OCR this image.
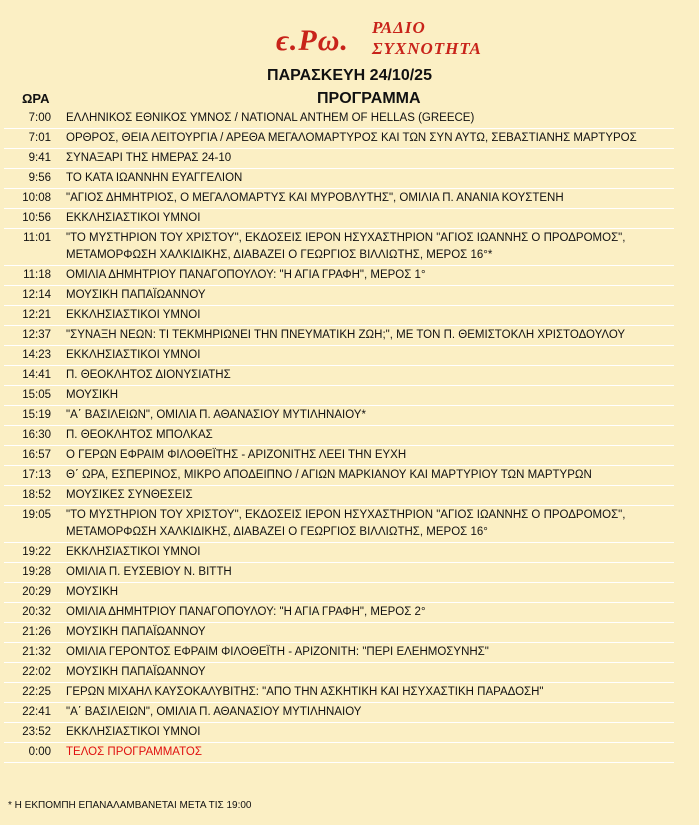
ϵ.Ρω. ΡΑΔΙΟ
ΣΥΧΝΟΤΗΤΑ
ΠΑΡΑΣΚΕΥΗ 24/10/25
ΠΡΟΓΡΑΜΜΑ
ΩΡΑ
7:00 ΕΛΛΗΝΙΚΟΣ ΕΘΝΙΚΟΣ ΥΜΝΟΣ / NATIONAL ANTHEM OF HELLAS (GREECE)
7:01 ΟΡΘΡΟΣ, ΘΕΙΑ ΛΕΙΤΟΥΡΓΙΑ / ΑΡΕΘΑ ΜΕΓΑΛΟΜΑΡΤΥΡΟΣ ΚΑΙ ΤΩΝ ΣΥΝ ΑΥΤΩ, ΣΕΒΑΣΤΙΑΝΗΣ ΜΑΡΤΥΡΟΣ
9:41 ΣΥΝΑΞΑΡΙ ΤΗΣ ΗΜΕΡΑΣ 24-10
9:56 ΤΟ ΚΑΤΑ ΙΩΑΝΝΗΝ ΕΥΑΓΓΕΛΙΟΝ
10:08 "ΑΓΙΟΣ ΔΗΜΗΤΡΙΟΣ, Ο ΜΕΓΑΛΟΜΑΡΤΥΣ ΚΑΙ ΜΥΡΟΒΛΥΤΗΣ", ΟΜΙΛΙΑ Π. ΑΝΑΝΙΑ ΚΟΥΣΤΕΝΗ
10:56 ΕΚΚΛΗΣΙΑΣΤΙΚΟΙ ΥΜΝΟΙ
11:01 "ΤΟ ΜΥΣΤΗΡΙΟΝ ΤΟΥ ΧΡΙΣΤΟΥ", ΕΚΔΟΣΕΙΣ ΙΕΡΟΝ ΗΣΥΧΑΣΤΗΡΙΟΝ "ΑΓΙΟΣ ΙΩΑΝΝΗΣ Ο ΠΡΟΔΡΟΜΟΣ", ΜΕΤΑΜΟΡΦΩΣΗ ΧΑΛΚΙΔΙΚΗΣ, ΔΙΑΒΑΖΕΙ Ο ΓΕΩΡΓΙΟΣ ΒΙΛΛΙΩΤΗΣ, ΜΕΡΟΣ 16°*
11:18 ΟΜΙΛΙΑ ΔΗΜΗΤΡΙΟΥ ΠΑΝΑΓΟΠΟΥΛΟΥ: "Η ΑΓΙΑ ΓΡΑΦΗ", ΜΕΡΟΣ 1°
12:14 ΜΟΥΣΙΚΗ ΠΑΠΑΪΩΑΝΝΟΥ
12:21 ΕΚΚΛΗΣΙΑΣΤΙΚΟΙ ΥΜΝΟΙ
12:37 "ΣΥΝΑΞΗ ΝΕΩΝ: ΤΙ ΤΕΚΜΗΡΙΩΝΕΙ ΤΗΝ ΠΝΕΥΜΑΤΙΚΗ ΖΩΗ;", ΜΕ ΤΟΝ Π. ΘΕΜΙΣΤΟΚΛΗ ΧΡΙΣΤΟΔΟΥΛΟΥ
14:23 ΕΚΚΛΗΣΙΑΣΤΙΚΟΙ ΥΜΝΟΙ
14:41 Π. ΘΕΟΚΛΗΤΟΣ ΔΙΟΝΥΣΙΑΤΗΣ
15:05 ΜΟΥΣΙΚΗ
15:19 "Α΄ ΒΑΣΙΛΕΙΩΝ", ΟΜΙΛΙΑ Π. ΑΘΑΝΑΣΙΟΥ ΜΥΤΙΛΗΝΑΙΟΥ*
16:30 Π. ΘΕΟΚΛΗΤΟΣ ΜΠΟΛΚΑΣ
16:57 Ο ΓΕΡΩΝ ΕΦΡΑΙΜ ΦΙΛΟΘΕΪΤΗΣ - ΑΡΙΖΟΝΙΤΗΣ ΛΕΕΙ ΤΗΝ ΕΥΧΗ
17:13 Θ΄ ΩΡΑ, ΕΣΠΕΡΙΝΟΣ, ΜΙΚΡΟ ΑΠΟΔΕΙΠΝΟ / ΑΓΙΩΝ ΜΑΡΚΙΑΝΟΥ ΚΑΙ ΜΑΡΤΥΡΙΟΥ ΤΩΝ ΜΑΡΤΥΡΩΝ
18:52 ΜΟΥΣΙΚΕΣ ΣΥΝΘΕΣΕΙΣ
19:05 "ΤΟ ΜΥΣΤΗΡΙΟΝ ΤΟΥ ΧΡΙΣΤΟΥ", ΕΚΔΟΣΕΙΣ ΙΕΡΟΝ ΗΣΥΧΑΣΤΗΡΙΟΝ "ΑΓΙΟΣ ΙΩΑΝΝΗΣ Ο ΠΡΟΔΡΟΜΟΣ", ΜΕΤΑΜΟΡΦΩΣΗ ΧΑΛΚΙΔΙΚΗΣ, ΔΙΑΒΑΖΕΙ Ο ΓΕΩΡΓΙΟΣ ΒΙΛΛΙΩΤΗΣ, ΜΕΡΟΣ 16°
19:22 ΕΚΚΛΗΣΙΑΣΤΙΚΟΙ ΥΜΝΟΙ
19:28 ΟΜΙΛΙΑ Π. ΕΥΣΕΒΙΟΥ Ν. ΒΙΤΤΗ
20:29 ΜΟΥΣΙΚΗ
20:32 ΟΜΙΛΙΑ ΔΗΜΗΤΡΙΟΥ ΠΑΝΑΓΟΠΟΥΛΟΥ: "Η ΑΓΙΑ ΓΡΑΦΗ", ΜΕΡΟΣ 2°
21:26 ΜΟΥΣΙΚΗ ΠΑΠΑΪΩΑΝΝΟΥ
21:32 ΟΜΙΛΙΑ ΓΕΡΟΝΤΟΣ ΕΦΡΑΙΜ ΦΙΛΟΘΕΪΤΗ - ΑΡΙΖΟΝΙΤΗ: "ΠΕΡΙ ΕΛΕΗΜΟΣΥΝΗΣ"
22:02 ΜΟΥΣΙΚΗ ΠΑΠΑΪΩΑΝΝΟΥ
22:25 ΓΕΡΩΝ ΜΙΧΑΗΛ ΚΑΥΣΟΚΑΛΥΒΙΤΗΣ: "ΑΠΟ ΤΗΝ ΑΣΚΗΤΙΚΗ ΚΑΙ ΗΣΥΧΑΣΤΙΚΗ ΠΑΡΑΔΟΣΗ"
22:41 "Α΄ ΒΑΣΙΛΕΙΩΝ", ΟΜΙΛΙΑ Π. ΑΘΑΝΑΣΙΟΥ ΜΥΤΙΛΗΝΑΙΟΥ
23:52 ΕΚΚΛΗΣΙΑΣΤΙΚΟΙ ΥΜΝΟΙ
0:00 ΤΕΛΟΣ ΠΡΟΓΡΑΜΜΑΤΟΣ
* Η ΕΚΠΟΜΠΗ ΕΠΑΝΑΛΑΜΒΑΝΕΤΑΙ ΜΕΤΑ ΤΙΣ 19:00
